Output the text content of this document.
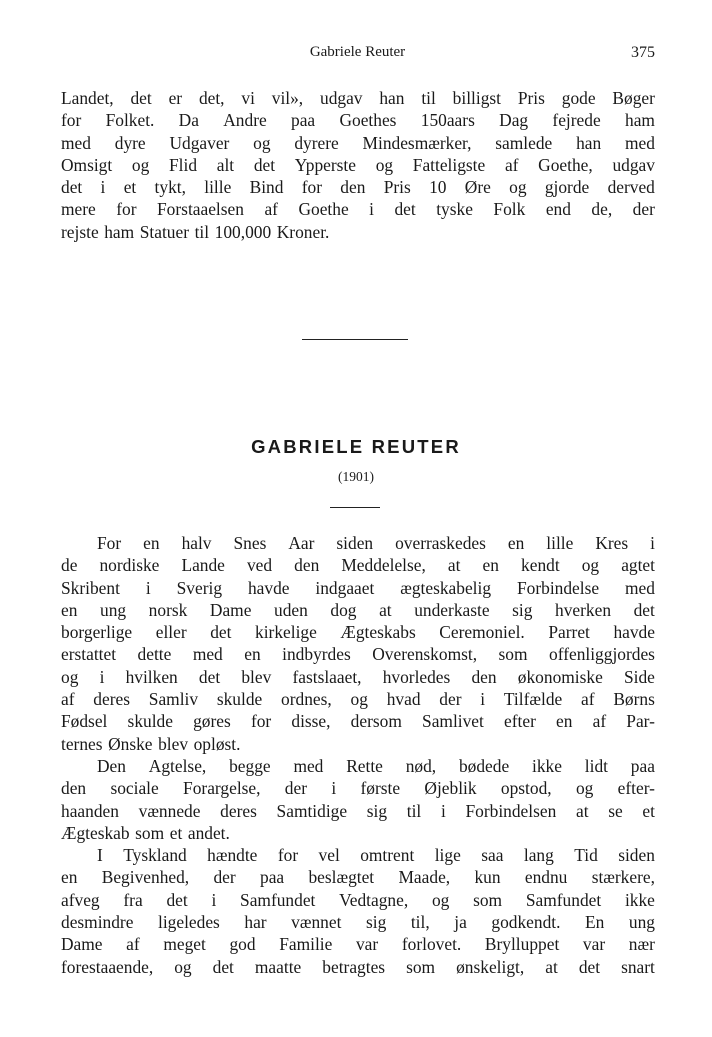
Gabriele Reuter	375
Landet, det er det, vi vil», udgav han til billigst Pris gode Bøger
for Folket. Da Andre paa Goethes 150aars Dag fejrede ham
med dyre Udgaver og dyrere Mindesmærker, samlede han med
Omsigt og Flid alt det Ypperste og Fatteligste af Goethe, udgav
det i et tykt, lille Bind for den Pris 10 Øre og gjorde derved
mere for Forstaaelsen af Goethe i det tyske Folk end de, der
rejste ham Statuer til 100,000 Kroner.
GABRIELE REUTER
(1901)
For en halv Snes Aar siden overraskedes en lille Kres i
de nordiske Lande ved den Meddelelse, at en kendt og agtet
Skribent i Sverig havde indgaaet ægteskabelig Forbindelse med
en ung norsk Dame uden dog at underkaste sig hverken det
borgerlige eller det kirkelige Ægteskabs Ceremoniel. Parret havde
erstattet dette med en indbyrdes Overenskomst, som offenliggjordes
og i hvilken det blev fastslaaet, hvorledes den økonomiske Side
af deres Samliv skulde ordnes, og hvad der i Tilfælde af Børns
Fødsel skulde gøres for disse, dersom Samlivet efter en af Par-
ternes Ønske blev opløst.
Den Agtelse, begge med Rette nød, bødede ikke lidt paa
den sociale Forargelse, der i første Øjeblik opstod, og efter-
haanden vænnede deres Samtidige sig til i Forbindelsen at se et
Ægteskab som et andet.
I Tyskland hændte for vel omtrent lige saa lang Tid siden
en Begivenhed, der paa beslægtet Maade, kun endnu stærkere,
afveg fra det i Samfundet Vedtagne, og som Samfundet ikke
desmindre ligeledes har vænnet sig til, ja godkendt. En ung
Dame af meget god Familie var forlovet. Brylluppet var nær
forestaaende, og det maatte betragtes som ønskeligt, at det snart
